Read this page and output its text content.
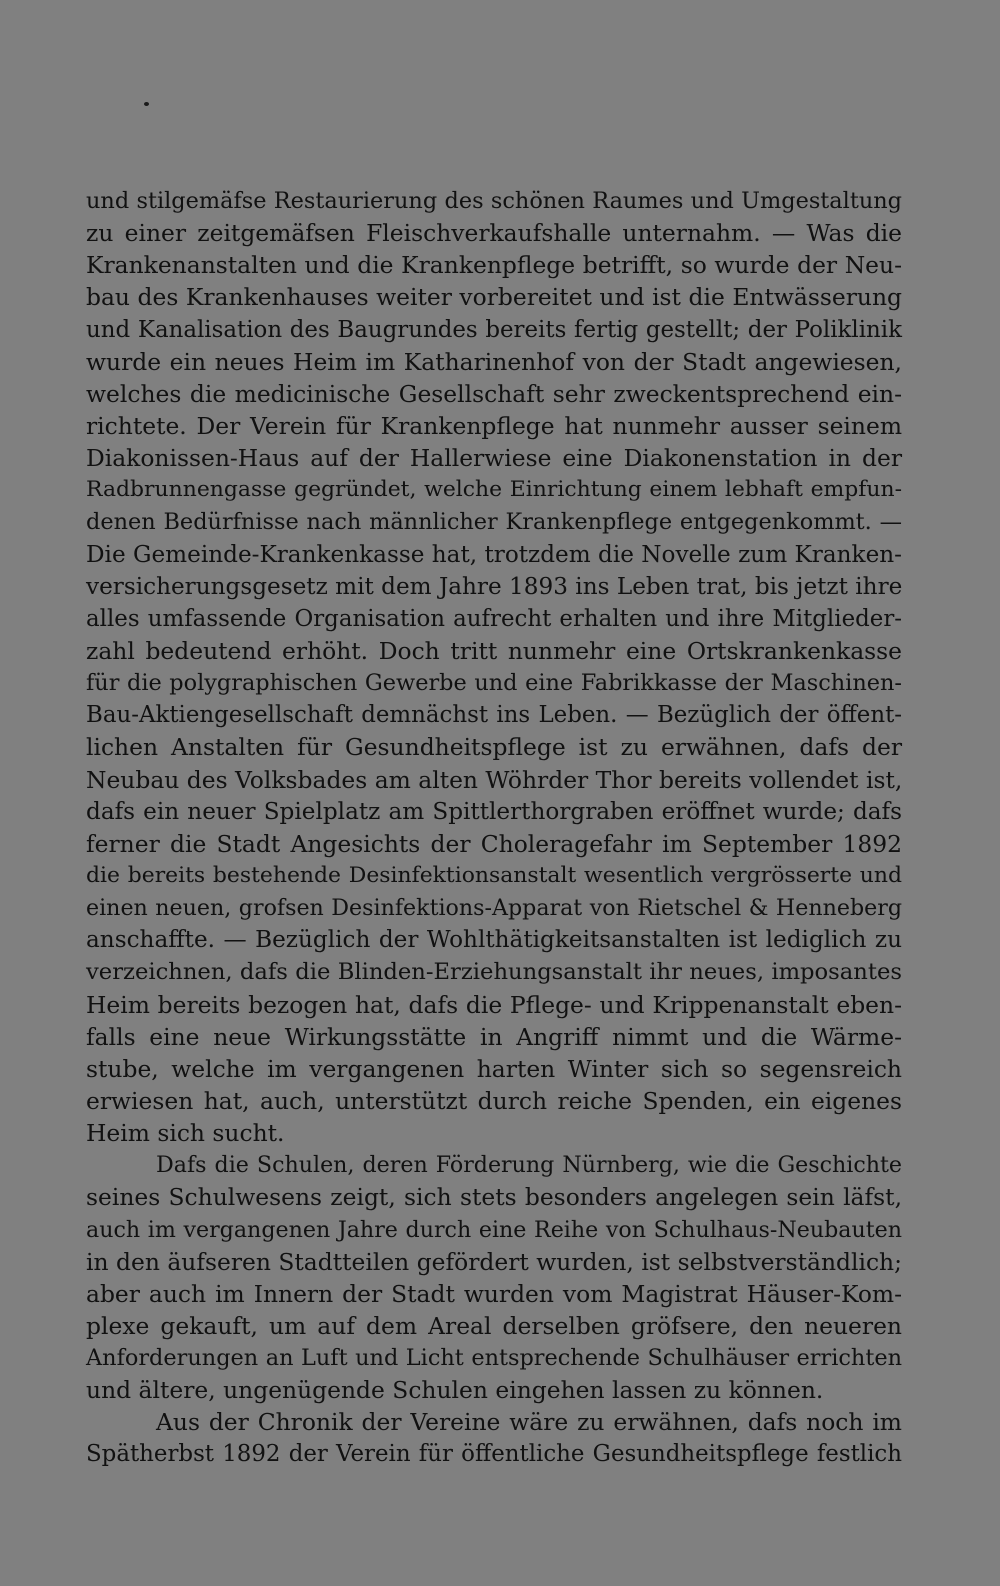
und stilgemäfse Restaurierung des schönen Raumes und Umgestaltung
zu einer zeitgemäfsen Fleischverkaufshalle unternahm. — Was die
Krankenanstalten und die Krankenpflege betrifft, so wurde der Neu-
bau des Krankenhauses weiter vorbereitet und ist die Entwässerung
und Kanalisation des Baugrundes bereits fertig gestellt; der Poliklinik
wurde ein neues Heim im Katharinenhof von der Stadt angewiesen,
welches die medicinische Gesellschaft sehr zweckentsprechend ein-
richtete. Der Verein für Krankenpflege hat nunmehr ausser seinem
Diakonissen-Haus auf der Hallerwiese eine Diakonenstation in der
Radbrunnengasse gegründet, welche Einrichtung einem lebhaft empfun-
denen Bedürfnisse nach männlicher Krankenpflege entgegenkommt. —
Die Gemeinde-Krankenkasse hat, trotzdem die Novelle zum Kranken-
versicherungsgesetz mit dem Jahre 1893 ins Leben trat, bis jetzt ihre
alles umfassende Organisation aufrecht erhalten und ihre Mitglieder-
zahl bedeutend erhöht. Doch tritt nunmehr eine Ortskrankenkasse
für die polygraphischen Gewerbe und eine Fabrikkasse der Maschinen-
Bau-Aktiengesellschaft demnächst ins Leben. — Bezüglich der öffent-
lichen Anstalten für Gesundheitspflege ist zu erwähnen, dafs der
Neubau des Volksbades am alten Wöhrder Thor bereits vollendet ist,
dafs ein neuer Spielplatz am Spittlerthorgraben eröffnet wurde; dafs
ferner die Stadt Angesichts der Choleragefahr im September 1892
die bereits bestehende Desinfektionsanstalt wesentlich vergrösserte und
einen neuen, grofsen Desinfektions-Apparat von Rietschel & Henneberg
anschaffte. — Bezüglich der Wohlthätigkeitsanstalten ist lediglich zu
verzeichnen, dafs die Blinden-Erziehungsanstalt ihr neues, imposantes
Heim bereits bezogen hat, dafs die Pflege- und Krippenanstalt eben-
falls eine neue Wirkungsstätte in Angriff nimmt und die Wärme-
stube, welche im vergangenen harten Winter sich so segensreich
erwiesen hat, auch, unterstützt durch reiche Spenden, ein eigenes
Heim sich sucht.
Dafs die Schulen, deren Förderung Nürnberg, wie die Geschichte
seines Schulwesens zeigt, sich stets besonders angelegen sein läfst,
auch im vergangenen Jahre durch eine Reihe von Schulhaus-Neubauten
in den äufseren Stadtteilen gefördert wurden, ist selbstverständlich;
aber auch im Innern der Stadt wurden vom Magistrat Häuser-Kom-
plexe gekauft, um auf dem Areal derselben gröfsere, den neueren
Anforderungen an Luft und Licht entsprechende Schulhäuser errichten
und ältere, ungenügende Schulen eingehen lassen zu können.
Aus der Chronik der Vereine wäre zu erwähnen, dafs noch im
Spätherbst 1892 der Verein für öffentliche Gesundheitspflege festlich
